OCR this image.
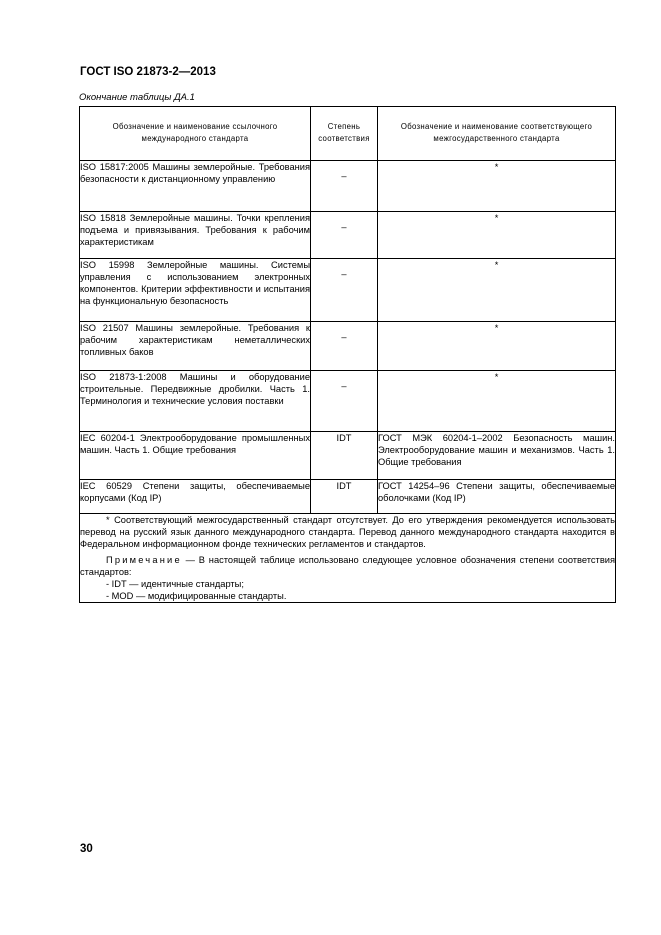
ГОСТ ISO 21873-2—2013
Окончание таблицы ДА.1
Обозначение и наименование ссылочного международного стандарта	Степень соответствия	Обозначение и наименование соответствующего межгосударственного стандарта
ISO 15817:2005 Машины землеройные. Требования безопасности к дистанционному управлению	–	*
ISO 15818 Землеройные машины. Точки крепления подъема и привязывания. Требования к рабочим характеристикам	–	*
ISO 15998 Землеройные машины. Системы управления с использованием электронных компонентов. Критерии эффективности и испытания на функциональную безопасность	–	*
ISO 21507 Машины землеройные. Требования к рабочим характеристикам неметаллических топливных баков	–	*
ISO 21873-1:2008 Машины и оборудование строительные. Передвижные дробилки. Часть 1. Терминология и технические условия поставки	–	*
IEC 60204-1 Электрооборудование промышленных машин. Часть 1. Общие требования	IDT	ГОСТ МЭК 60204-1–2002 Безопасность машин. Электрооборудование машин и механизмов. Часть 1. Общие требования
IEC 60529 Степени защиты, обеспечиваемые корпусами (Код IP)	IDT	ГОСТ 14254–96 Степени защиты, обеспечиваемые оболочками (Код IP)

* Соответствующий межгосударственный стандарт отсутствует. До его утверждения рекомендуется использовать перевод на русский язык данного международного стандарта. Перевод данного международного стандарта находится в Федеральном информационном фонде технических регламентов и стандартов.

Примечание — В настоящей таблице использовано следующее условное обозначения степени соответствия стандартов:

- IDT — идентичные стандарты;

- MOD — модифицированные стандарты.		

30
